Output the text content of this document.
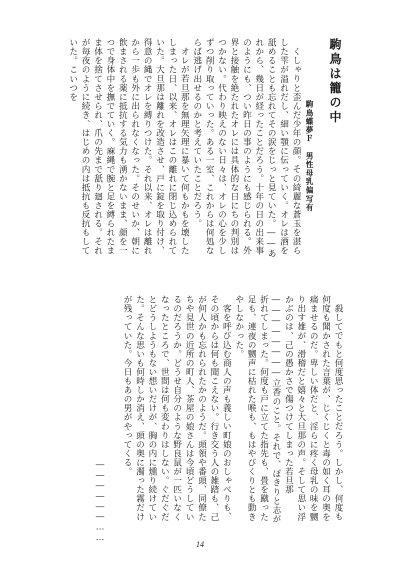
駒鳥は籠の中
駒鳥蝶夢Ｆ　男性母乳偏写有

くしゃりと歪んだ少年の顔。その綺麗な蒼玉を湛らした雫が溢れだし、細い顎に伝っていく。オレは酒を舐めることも忘れてその涙をじっと見ていた。――あれから、幾日が経ったことだろう。十年の日の出来事のようにも、つい昨日の事のようにも感じられる。外界と接触を絶たれたオレには具体的な日にちの判別はつかない。代わり映えのない日々は、オレの心を少しずつ削り取っていった。ある一室、これからは何処ならば逃げ出せるのかと考えていたことだろう。

オレが若旦那を無理矢理に暴いて何もかもを壊したしまった日、以来、オレはこの離れに閉じ込められていた。大旦那は離れを改造させ、戸に錠を取り付け、得意の縄でオレを縛りつけた。それ以来、オレは離れから一歩も外に出られなくなった。そのせいか、朝に飲まされる薬に抵抗する気力も湧かないまま、顔を一つで身体中を撫でていく。麻縄で腕と足を縛られたまま体を捨てさせられ、爪の先まで舐り廻される。それが毎夜のように続き、はじめの内は抵抗も反抗もしていた。こいつを

殺してでもと何度思ったことだろう。しかし、何度も何度も聞かされた言葉が、じくじくと毒の如く耳の奥を痛ませるのだ。卑しい体だと、淫らに疼く母乳の味を嬲り出す雄が、滑稽だと嬉々と大旦那の声。そして思い浮かぶのは、己の愚かさで傷つけてしまった若旦那――――――――立香のこと。それで、ぽきりと志が折れてしまった。何度も戸に立てた指先も、畳を蹴った足も、連夜の嬲声に枯れた喉も、もはやびくりとも動きやしなかった。

客を呼び込む商人の声も義しい町娘のおしゃべりも、その頃からは何も聞こえない。行き交う人の雑踏も、己が何人かも忘れられたかのようだ。頭領や番頭、同僚たちや見世の近所の町人、茶屋の娘さんは今頃どうしているのだろうか。どうせ自分のような野良鼠が一匹いなくなったところで、世間は何も変わりはしない。ぐだぐだとどうしようもない想いだけが、胸の内に燻り続けていた。そんな思いも何時しか消え、頭の奥に濁った霧だけが残っていた。今日もあの男がやってくる。

――――――……
14
